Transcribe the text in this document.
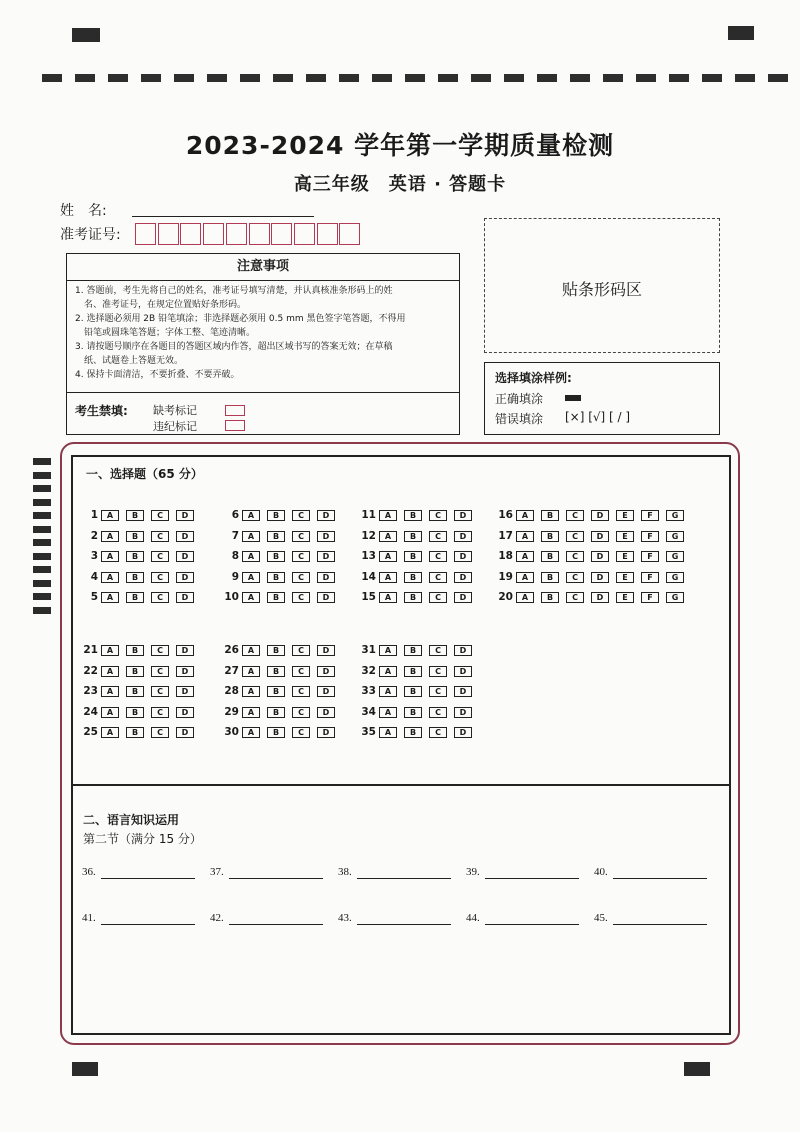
2023-2024 学年第一学期质量检测
高三年级　英语 · 答题卡
姓　名:
准考证号:
注意事项
1. 答题前，考生先将自己的姓名，准考证号填写清楚，并认真核准条形码上的姓
　名、准考证号，在规定位置贴好条形码。
2. 选择题必须用 2B 铅笔填涂；非选择题必须用 0.5 mm 黑色签字笔答题，不得用
　铅笔或圆珠笔答题；字体工整、笔迹清晰。
3. 请按题号顺序在各题目的答题区域内作答，超出区域书写的答案无效；在草稿
　纸、试题卷上答题无效。
4. 保持卡面清洁，不要折叠、不要弄破。
考生禁填: 缺考标记
违纪标记
贴条形码区
选择填涂样例:
正确填涂
错误填涂 [×] [√] [ / ]
一、选择题（65 分）
1	A	B	C	D
2	A	B	C	D
3	A	B	C	D
4	A	B	C	D
5	A	B	C	D
6	A	B	C	D
7	A	B	C	D
8	A	B	C	D
9	A	B	C	D
10	A	B	C	D
11	A	B	C	D
12	A	B	C	D
13	A	B	C	D
14	A	B	C	D
15	A	B	C	D
16	A	B	C	D	E	F	G
17	A	B	C	D	E	F	G
18	A	B	C	D	E	F	G
19	A	B	C	D	E	F	G
20	A	B	C	D	E	F	G
21	A	B	C	D
22	A	B	C	D
23	A	B	C	D
24	A	B	C	D
25	A	B	C	D
26	A	B	C	D
27	A	B	C	D
28	A	B	C	D
29	A	B	C	D
30	A	B	C	D
31	A	B	C	D
32	A	B	C	D
33	A	B	C	D
34	A	B	C	D
35	A	B	C	D
二、语言知识运用
第二节（满分 15 分）
36.	37.	38.	39.	40.
41.	42.	43.	44.	45.
